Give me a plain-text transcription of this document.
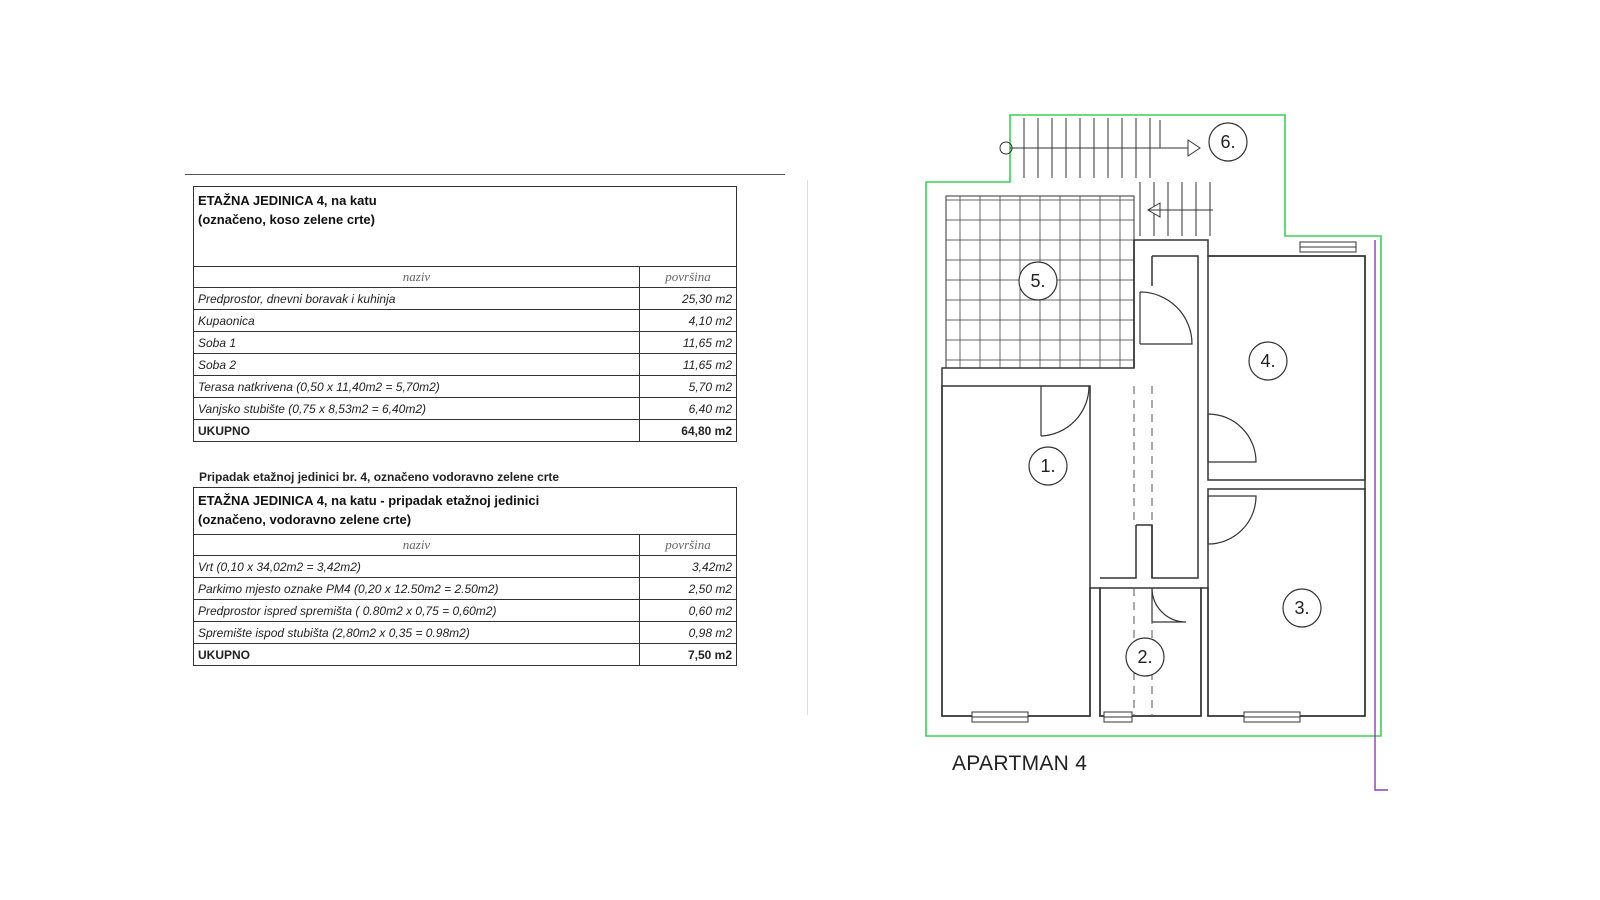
ETAŽNA JEDINICA 4, na katu
(označeno, koso zelene crte)
naziv	površina
Predprostor, dnevni boravak i kuhinja	25,30 m2
Kupaonica	4,10 m2
Soba 1	11,65 m2
Soba 2	11,65 m2
Terasa natkrivena (0,50 x 11,40m2 = 5,70m2)	5,70 m2
Vanjsko stubište (0,75 x 8,53m2 = 6,40m2)	6,40 m2
UKUPNO	64,80 m2
Pripadak etažnoj jedinici br. 4, označeno vodoravno zelene crte
ETAŽNA JEDINICA 4, na katu - pripadak etažnoj jedinici
(označeno, vodoravno zelene crte)
naziv	površina
Vrt (0,10 x 34,02m2 = 3,42m2)	3,42m2
Parkimo mjesto oznake PM4 (0,20 x 12.50m2 = 2.50m2)	2,50 m2
Predprostor ispred spremišta ( 0.80m2 x 0,75 = 0,60m2)	0,60 m2
Spremište ispod stubišta (2,80m2 x 0,35 = 0.98m2)	0,98 m2
UKUPNO	7,50 m2
1.
2.
3.
4.
5.
6.
APARTMAN 4
